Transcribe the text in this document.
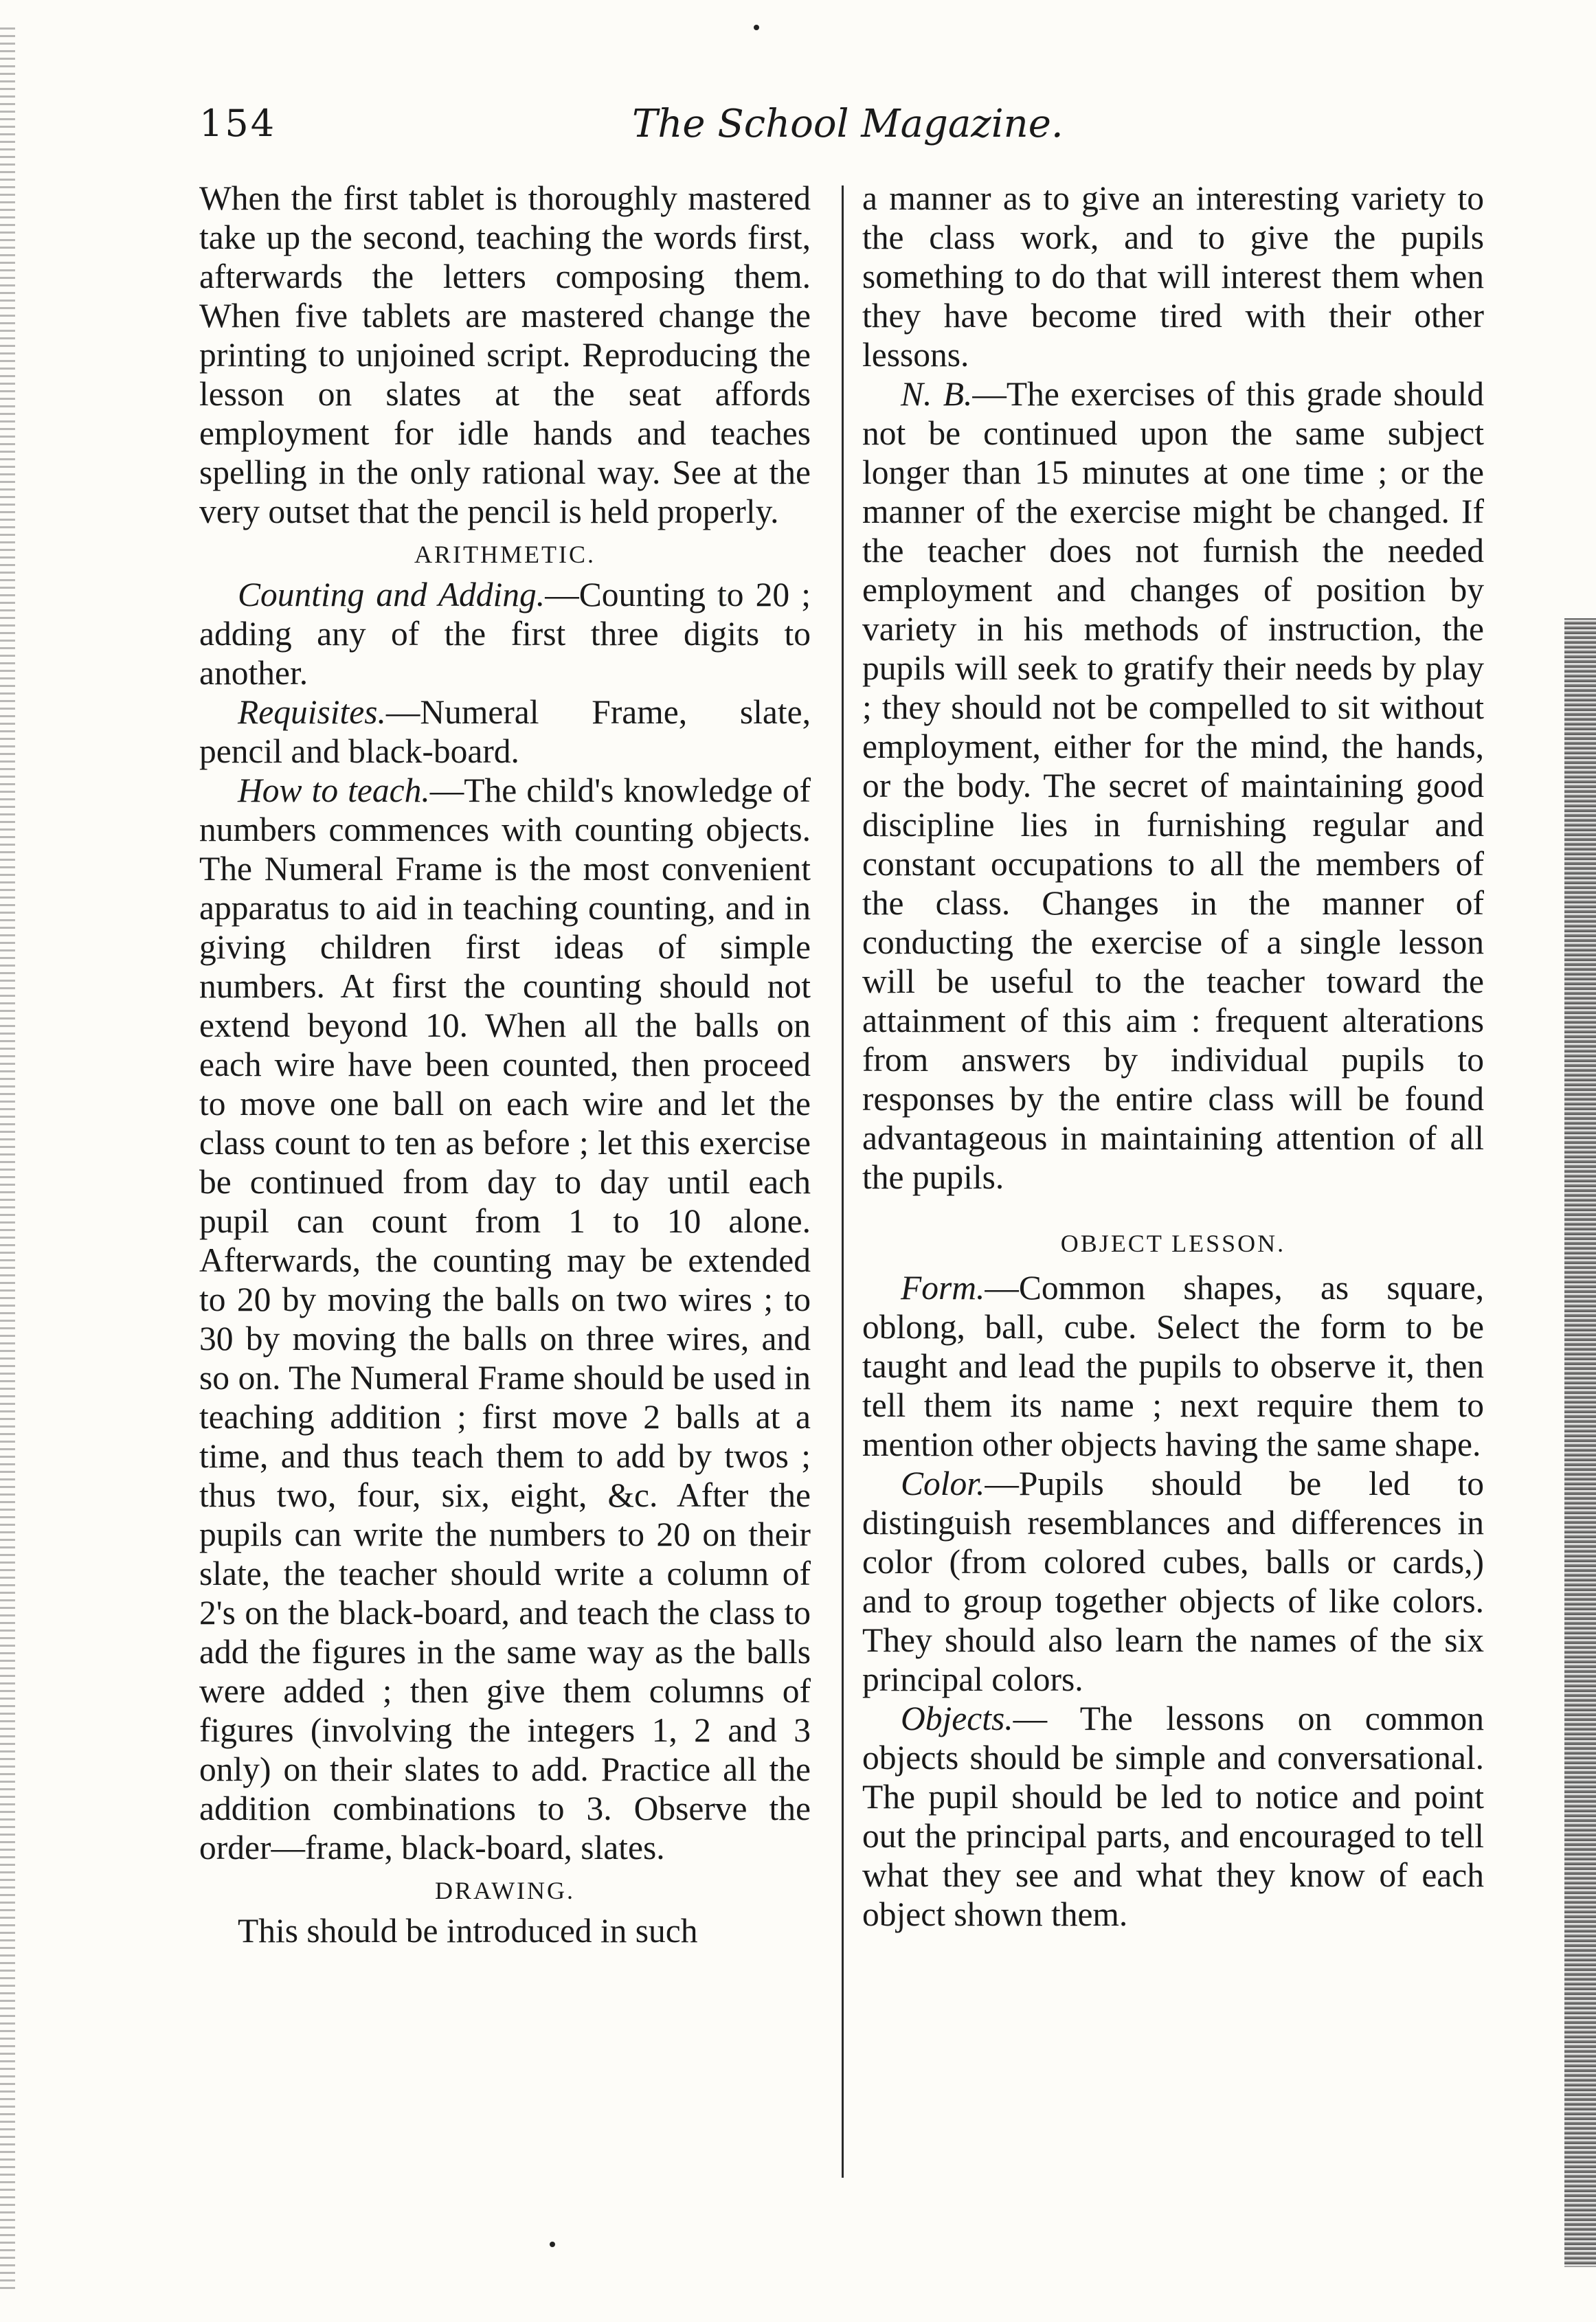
154	The School Magazine.

When the first tablet is thoroughly mastered take up the second, teaching the words first, afterwards the letters composing them. When five tablets are mastered change the printing to unjoined script. Reproducing the lesson on slates at the seat affords employment for idle hands and teaches spelling in the only rational way. See at the very outset that the pencil is held properly.

ARITHMETIC.

Counting and Adding.—Counting to 20 ; adding any of the first three digits to another.

Requisites.—Numeral Frame, slate, pencil and black-board.

How to teach.—The child's knowledge of numbers commences with counting objects. The Numeral Frame is the most convenient apparatus to aid in teaching counting, and in giving children first ideas of simple numbers. At first the counting should not extend beyond 10. When all the balls on each wire have been counted, then proceed to move one ball on each wire and let the class count to ten as before ; let this exercise be continued from day to day until each pupil can count from 1 to 10 alone. Afterwards, the counting may be extended to 20 by moving the balls on two wires ; to 30 by moving the balls on three wires, and so on. The Numeral Frame should be used in teaching addition ; first move 2 balls at a time, and thus teach them to add by twos ; thus two, four, six, eight, &c. After the pupils can write the numbers to 20 on their slate, the teacher should write a column of 2's on the black-board, and teach the class to add the figures in the same way as the balls were added ; then give them columns of figures (involving the integers 1, 2 and 3 only) on their slates to add. Practice all the addition combinations to 3. Observe the order—frame, black-board, slates.

DRAWING.

This should be introduced in such

a manner as to give an interesting variety to the class work, and to give the pupils something to do that will interest them when they have become tired with their other lessons.

N. B.—The exercises of this grade should not be continued upon the same subject longer than 15 minutes at one time ; or the manner of the exercise might be changed. If the teacher does not furnish the needed employment and changes of position by variety in his methods of instruction, the pupils will seek to gratify their needs by play ; they should not be compelled to sit without employment, either for the mind, the hands, or the body. The secret of maintaining good discipline lies in furnishing regular and constant occupations to all the members of the class. Changes in the manner of conducting the exercise of a single lesson will be useful to the teacher toward the attainment of this aim : frequent alterations from answers by individual pupils to responses by the entire class will be found advantageous in maintaining attention of all the pupils.

OBJECT LESSON.

Form.—Common shapes, as square, oblong, ball, cube. Select the form to be taught and lead the pupils to observe it, then tell them its name ; next require them to mention other objects having the same shape.

Color.—Pupils should be led to distinguish resemblances and differences in color (from colored cubes, balls or cards,) and to group together objects of like colors. They should also learn the names of the six principal colors.

Objects.— The lessons on common objects should be simple and conversational. The pupil should be led to notice and point out the principal parts, and encouraged to tell what they see and what they know of each object shown them.
